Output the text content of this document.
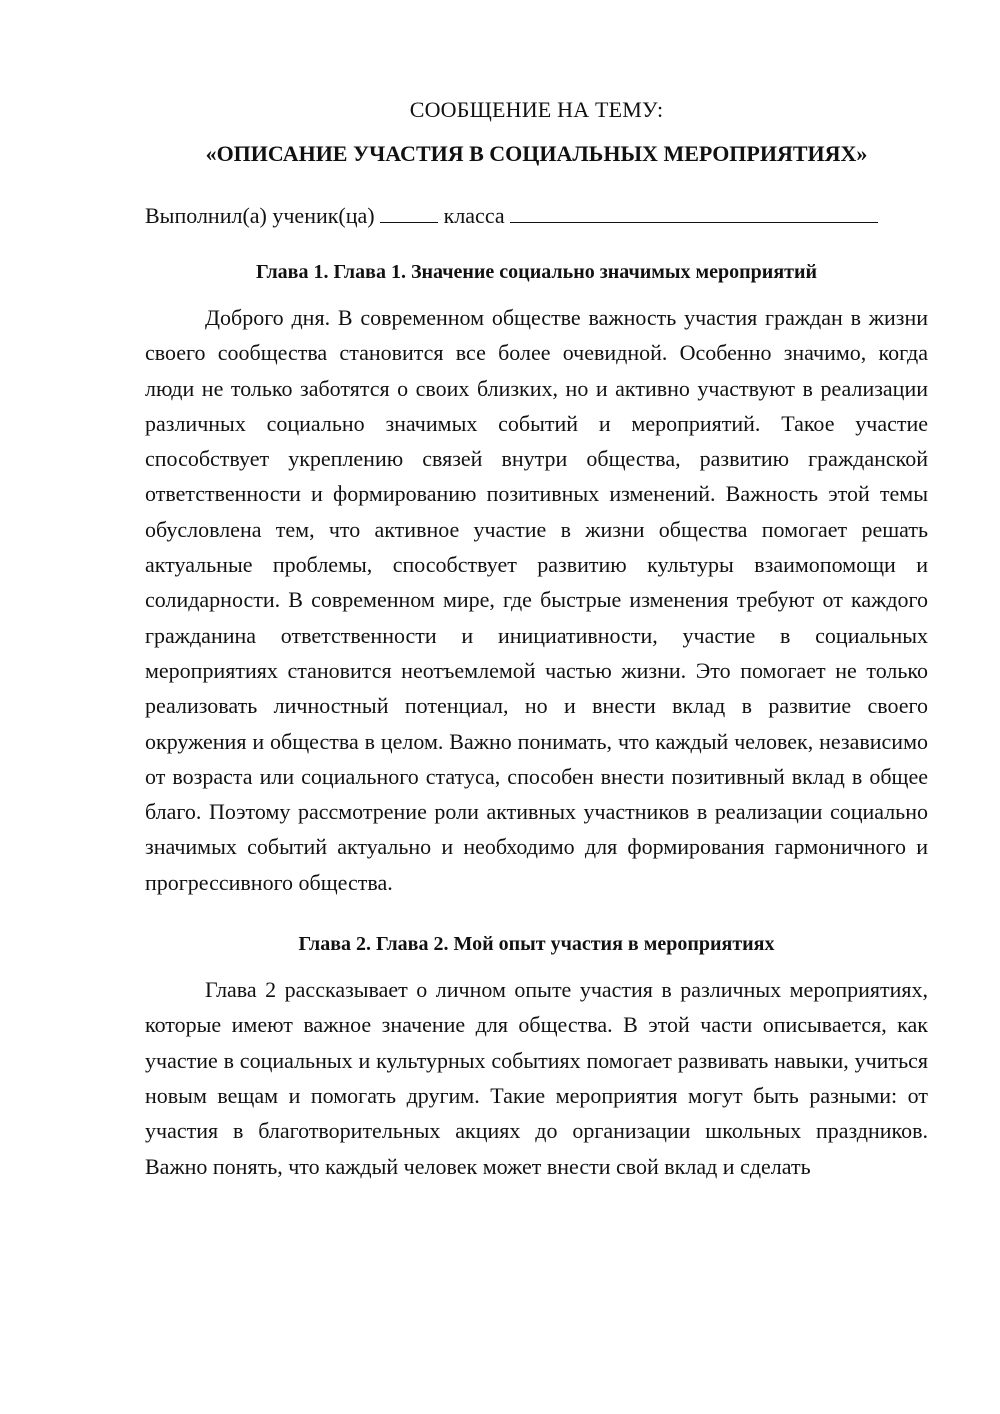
СООБЩЕНИЕ НА ТЕМУ:

«ОПИСАНИЕ УЧАСТИЯ В СОЦИАЛЬНЫХ МЕРОПРИЯТИЯХ»

Выполнил(а) ученик(ца)	класса

Глава 1. Глава 1. Значение социально значимых мероприятий

Доброго дня. В современном обществе важность участия граждан в жизни своего сообщества становится все более очевидной. Особенно значимо, когда люди не только заботятся о своих близких, но и активно участвуют в реализации различных социально значимых событий и мероприятий. Такое участие способствует укреплению связей внутри общества, развитию гражданской ответственности и формированию позитивных изменений. Важность этой темы обусловлена тем, что активное участие в жизни общества помогает решать актуальные проблемы, способствует развитию культуры взаимопомощи и солидарности. В современном мире, где быстрые изменения требуют от каждого гражданина ответственности и инициативности, участие в социальных мероприятиях становится неотъемлемой частью жизни. Это помогает не только реализовать личностный потенциал, но и внести вклад в развитие своего окружения и общества в целом. Важно понимать, что каждый человек, независимо от возраста или социального статуса, способен внести позитивный вклад в общее благо. Поэтому рассмотрение роли активных участников в реализации социально значимых событий актуально и необходимо для формирования гармоничного и прогрессивного общества.

Глава 2. Глава 2. Мой опыт участия в мероприятиях

Глава 2 рассказывает о личном опыте участия в различных мероприятиях, которые имеют важное значение для общества. В этой части описывается, как участие в социальных и культурных событиях помогает развивать навыки, учиться новым вещам и помогать другим. Такие мероприятия могут быть разными: от участия в благотворительных акциях до организации школьных праздников. Важно понять, что каждый человек может внести свой вклад и сделать
